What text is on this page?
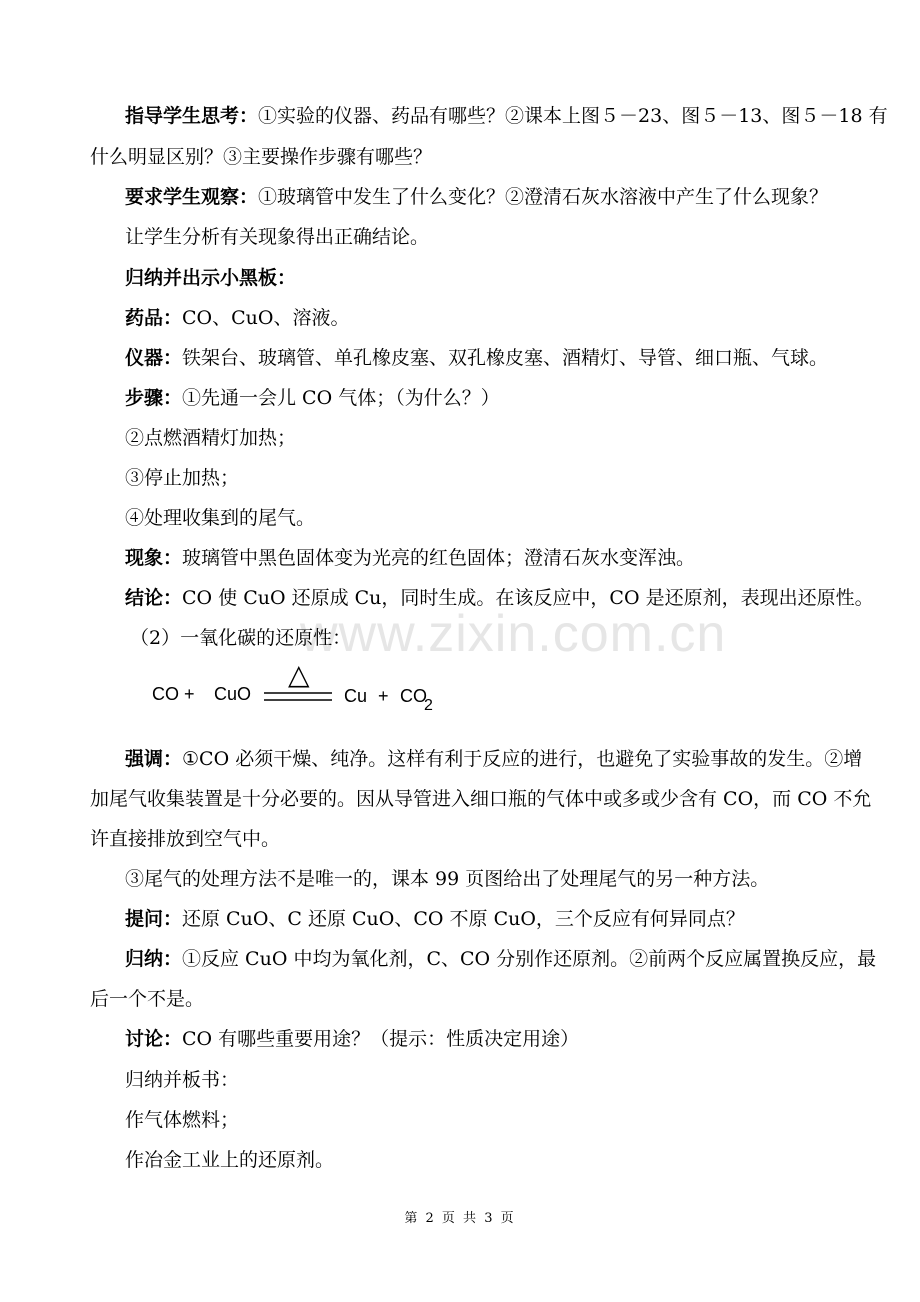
www.zixin.com.cn
指导学生思考：①实验的仪器、药品有哪些？②课本上图５－23、图５－13、图５－18 有
什么明显区别？③主要操作步骤有哪些？
要求学生观察：①玻璃管中发生了什么变化？②澄清石灰水溶液中产生了什么现象？
让学生分析有关现象得出正确结论。
归纳并出示小黑板：
药品：CO、CuO、溶液。
仪器：铁架台、玻璃管、单孔橡皮塞、双孔橡皮塞、酒精灯、导管、细口瓶、气球。
步骤：①先通一会儿 CO 气体；（为什么？）
②点燃酒精灯加热；
③停止加热；
④处理收集到的尾气。
现象：玻璃管中黑色固体变为光亮的红色固体；澄清石灰水变浑浊。
结论：CO 使 CuO 还原成 Cu，同时生成。在该反应中，CO 是还原剂，表现出还原性。
（2）一氧化碳的还原性：
CO + CuO
△
Cu + CO
2
强调：①CO 必须干燥、纯净。这样有利于反应的进行，也避免了实验事故的发生。②增
加尾气收集装置是十分必要的。因从导管进入细口瓶的气体中或多或少含有 CO，而 CO 不允
许直接排放到空气中。
③尾气的处理方法不是唯一的，课本 99 页图给出了处理尾气的另一种方法。
提问：还原 CuO、C 还原 CuO、CO 不原 CuO，三个反应有何异同点？
归纳：①反应 CuO 中均为氧化剂，C、CO 分别作还原剂。②前两个反应属置换反应，最
后一个不是。
讨论：CO 有哪些重要用途？（提示：性质决定用途）
归纳并板书：
作气体燃料；
作冶金工业上的还原剂。
第 2 页 共 3 页
